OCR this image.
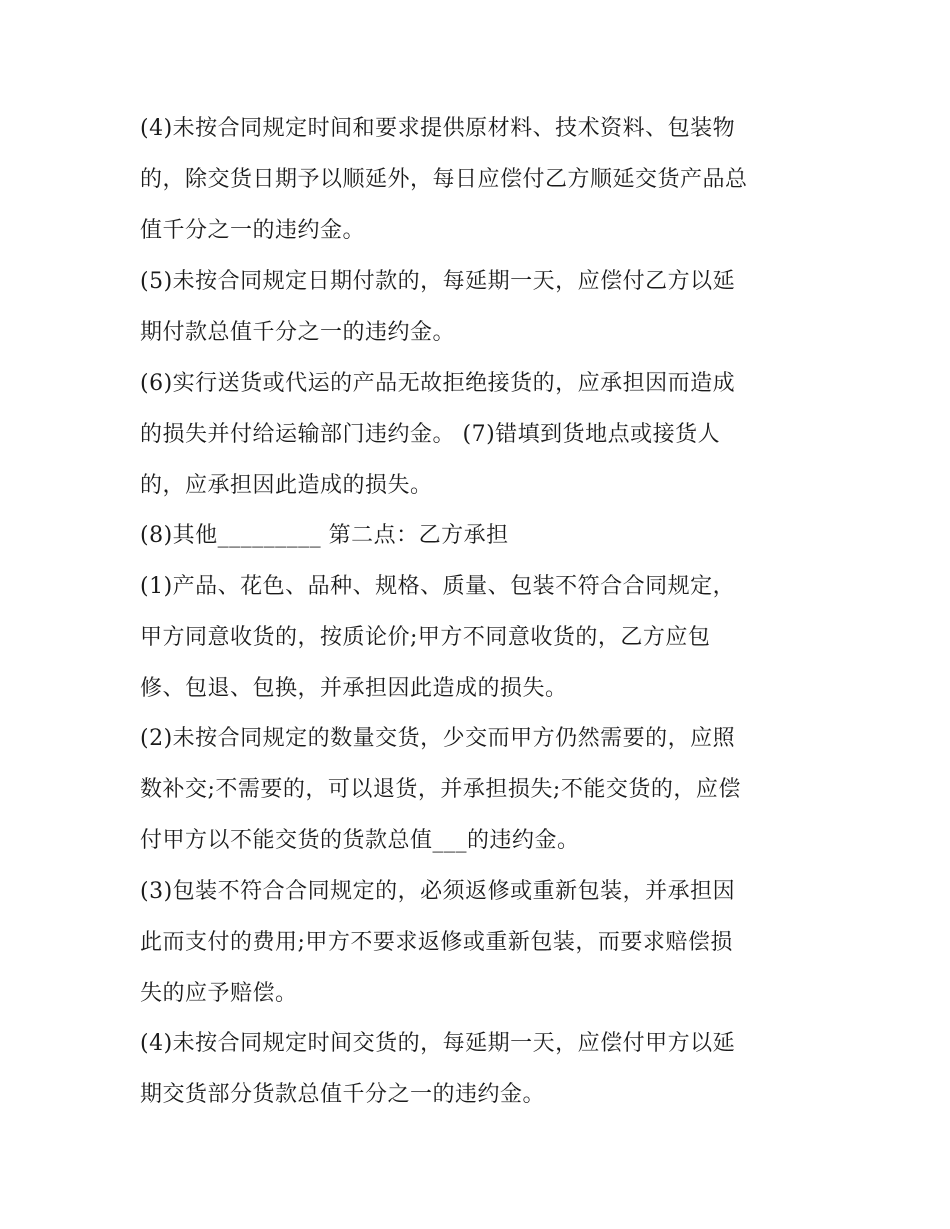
(4)未按合同规定时间和要求提供原材料、技术资料、包装物
的，除交货日期予以顺延外，每日应偿付乙方顺延交货产品总
值千分之一的违约金。
(5)未按合同规定日期付款的，每延期一天，应偿付乙方以延
期付款总值千分之一的违约金。
(6)实行送货或代运的产品无故拒绝接货的，应承担因而造成
的损失并付给运输部门违约金。 (7)错填到货地点或接货人
的，应承担因此造成的损失。
(8)其他_________ 第二点：乙方承担
(1)产品、花色、品种、规格、质量、包装不符合合同规定，
甲方同意收货的，按质论价;甲方不同意收货的，乙方应包
修、包退、包换，并承担因此造成的损失。
(2)未按合同规定的数量交货，少交而甲方仍然需要的，应照
数补交;不需要的，可以退货，并承担损失;不能交货的，应偿
付甲方以不能交货的货款总值___的违约金。
(3)包装不符合合同规定的，必须返修或重新包装，并承担因
此而支付的费用;甲方不要求返修或重新包装，而要求赔偿损
失的应予赔偿。
(4)未按合同规定时间交货的，每延期一天，应偿付甲方以延
期交货部分货款总值千分之一的违约金。
